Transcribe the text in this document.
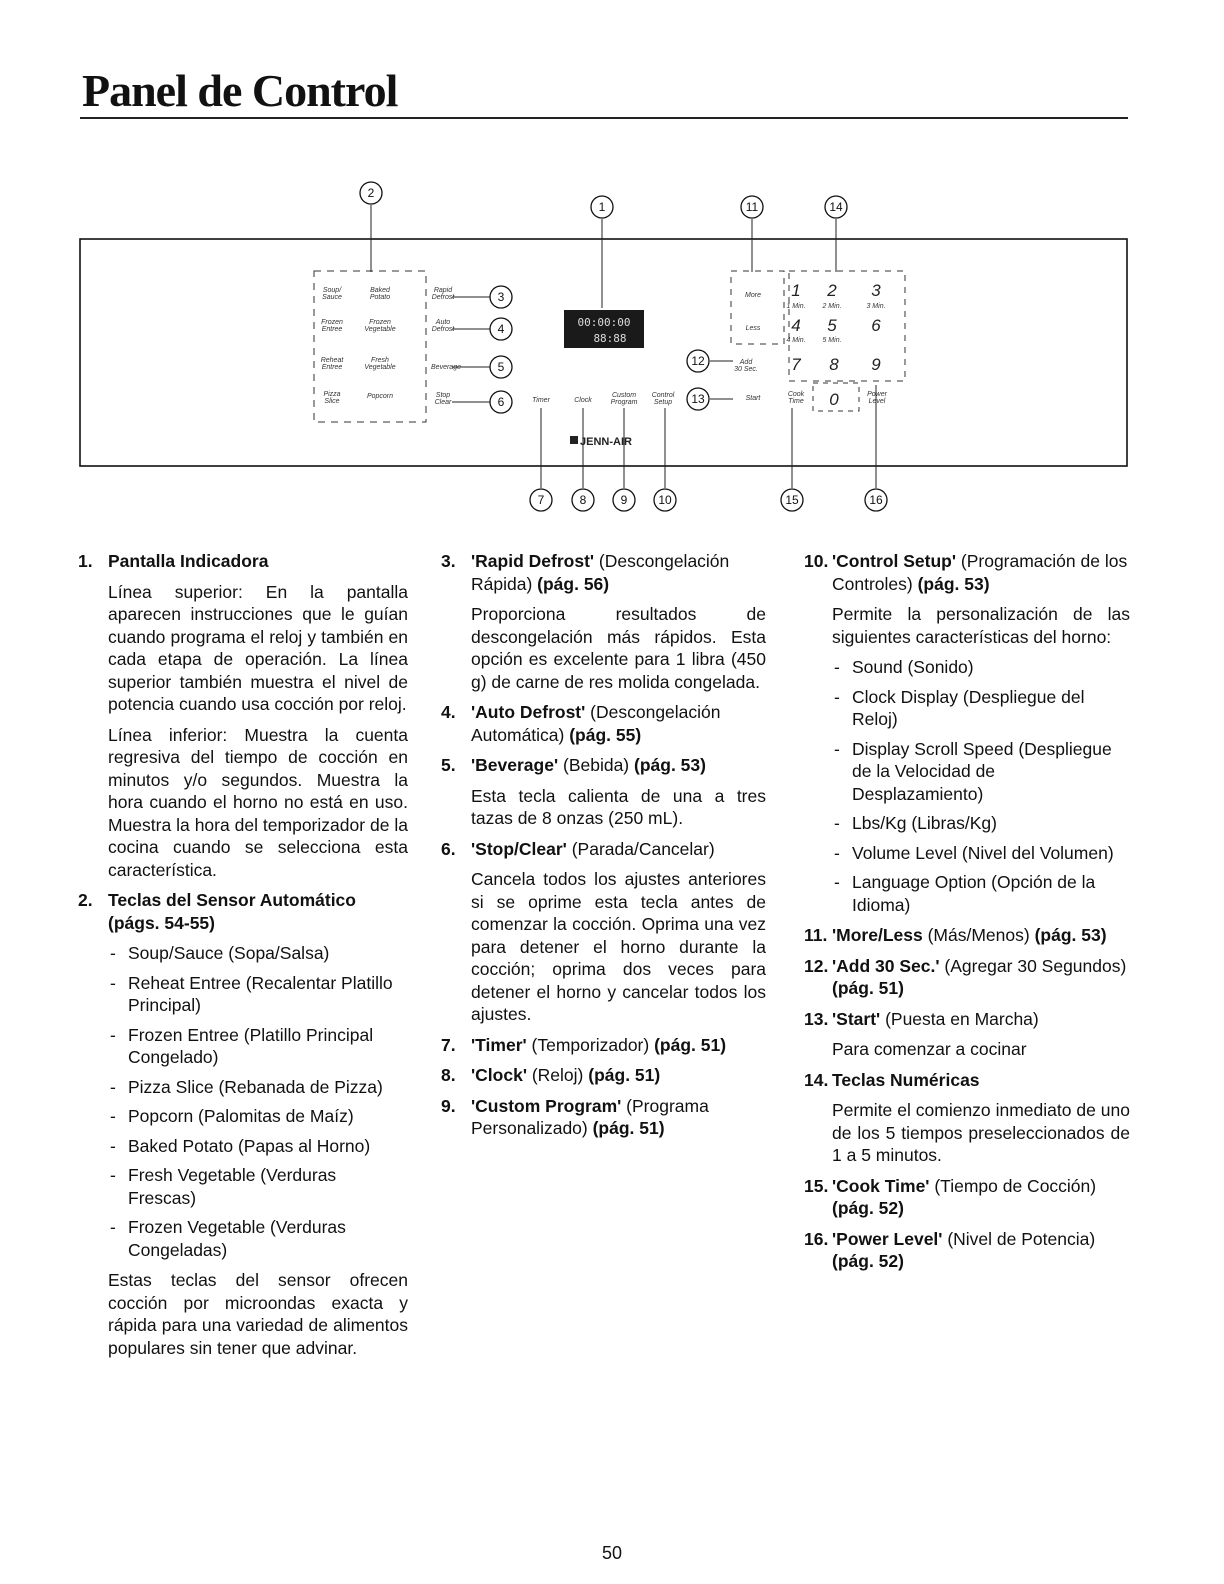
Panel de Control
00:00:00
88:88
JENN-AIR
Soup/ Sauce
Baked Potato
Frozen Entree
Frozen Vegetable
Reheat Entree
Fresh Vegetable
Pizza Slice
Popcorn
Rapid Defrost
Auto Defrost
Beverage
Stop Clear	Timer	Clock
Custom Program
Control Setup
More
Less
Add 30 Sec.
Start
Cook Time
Power Level
1 2 3
4 5 6
7 8 9
0
1 Min. 2 Min.	3 Min.
4 Min. 5 Min.
1
2
3
4
5
6
7	8	9	10
11
12
13
14
15	16
1. Pantalla Indicadora

Línea superior: En la pantalla aparecen instrucciones que le guían cuando programa el reloj y también en cada etapa de operación. La línea superior también muestra el nivel de potencia cuando usa cocción por reloj.

Línea inferior: Muestra la cuenta regresiva del tiempo de cocción en minutos y/o segundos. Muestra la hora cuando el horno no está en uso. Muestra la hora del temporizador de la cocina cuando se selecciona esta característica.

2. Teclas del Sensor Automático (págs. 54-55)
- Soup/Sauce (Sopa/Salsa)
- Reheat Entree (Recalentar Platillo Principal)
- Frozen Entree (Platillo Principal Congelado)
- Pizza Slice (Rebanada de Pizza)
- Popcorn (Palomitas de Maíz)
- Baked Potato (Papas al Horno)
- Fresh Vegetable (Verduras Frescas)
- Frozen Vegetable (Verduras Congeladas)

Estas teclas del sensor ofrecen cocción por microondas exacta y rápida para una variedad de alimentos populares sin tener que advinar.

3. 'Rapid Defrost' (Descongelación Rápida) (pág. 56)

Proporciona resultados de descongelación más rápidos. Esta opción es excelente para 1 libra (450 g) de carne de res molida congelada.

4. 'Auto Defrost' (Descongelación Automática) (pág. 55)
5. 'Beverage' (Bebida) (pág. 53)

Esta tecla calienta de una a tres tazas de 8 onzas (250 mL).

6. 'Stop/Clear' (Parada/Cancelar)

Cancela todos los ajustes anteriores si se oprime esta tecla antes de comenzar la cocción. Oprima una vez para detener el horno durante la cocción; oprima dos veces para detener el horno y cancelar todos los ajustes.

7. 'Timer' (Temporizador) (pág. 51)
8. 'Clock' (Reloj) (pág. 51)
9. 'Custom Program' (Programa Personalizado) (pág. 51)
10. 'Control Setup' (Programación de los Controles) (pág. 53)

Permite la personalización de las siguientes características del horno:

- Sound (Sonido)
- Clock Display (Despliegue del Reloj)
- Display Scroll Speed (Despliegue de la Velocidad de Desplazamiento)
- Lbs/Kg (Libras/Kg)
- Volume Level (Nivel del Volumen)
- Language Option (Opción de la Idioma)
11. 'More/Less (Más/Menos) (pág. 53)
12. 'Add 30 Sec.' (Agregar 30 Segundos) (pág. 51)
13. 'Start' (Puesta en Marcha)

Para comenzar a cocinar

14. Teclas Numéricas

Permite el comienzo inmediato de uno de los 5 tiempos preseleccionados de 1 a 5 minutos.

15. 'Cook Time' (Tiempo de Cocción) (pág. 52)
16. 'Power Level' (Nivel de Potencia) (pág. 52)
50
